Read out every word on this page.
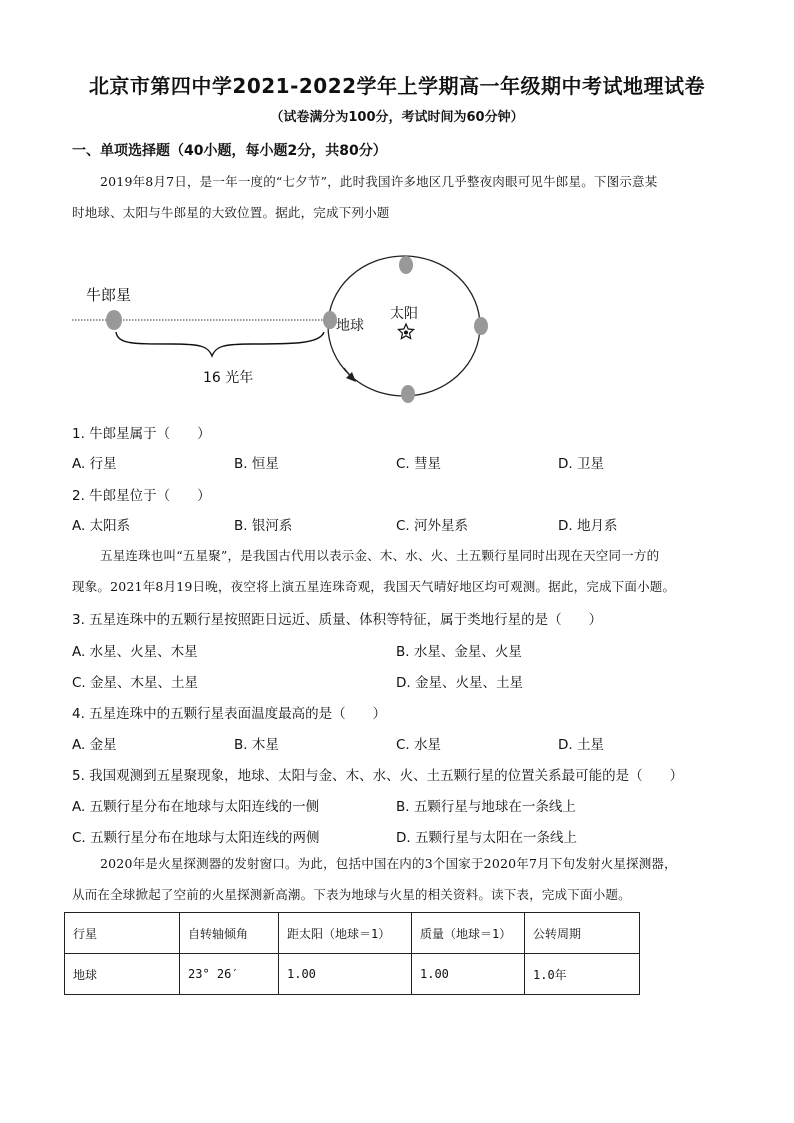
北京市第四中学2021-2022学年上学期高一年级期中考试地理试卷
（试卷满分为100分，考试时间为60分钟）
一、单项选择题（40小题，每小题2分，共80分）
2019年8月7日，是一年一度的“七夕节”，此时我国许多地区几乎整夜肉眼可见牛郎星。下图示意某
时地球、太阳与牛郎星的大致位置。据此，完成下列小题
牛郎星
16 光年
地球
太阳
1. 牛郎星属于（　　）
A. 行星	B. 恒星	C. 彗星	D. 卫星
2. 牛郎星位于（　　）
A. 太阳系	B. 银河系	C. 河外星系	D. 地月系
五星连珠也叫“五星聚”，是我国古代用以表示金、木、水、火、土五颗行星同时出现在天空同一方的
现象。2021年8月19日晚，夜空将上演五星连珠奇观，我国天气晴好地区均可观测。据此，完成下面小题。
3. 五星连珠中的五颗行星按照距日远近、质量、体积等特征，属于类地行星的是（　　）
A. 水星、火星、木星	B. 水星、金星、火星
C. 金星、木星、土星	D. 金星、火星、土星
4. 五星连珠中的五颗行星表面温度最高的是（　　）
A. 金星	B. 木星	C. 水星	D. 土星
5. 我国观测到五星聚现象，地球、太阳与金、木、水、火、土五颗行星的位置关系最可能的是（　　）
A. 五颗行星分布在地球与太阳连线的一侧	B. 五颗行星与地球在一条线上
C. 五颗行星分布在地球与太阳连线的两侧	D. 五颗行星与太阳在一条线上
2020年是火星探测器的发射窗口。为此，包括中国在内的3个国家于2020年7月下旬发射火星探测器，
从而在全球掀起了空前的火星探测新高潮。下表为地球与火星的相关资料。读下表，完成下面小题。
行星	自转轴倾角	距太阳（地球＝1）	质量（地球＝1）	公转周期
地球	23° 26′	1.00	1.00	1.0年
